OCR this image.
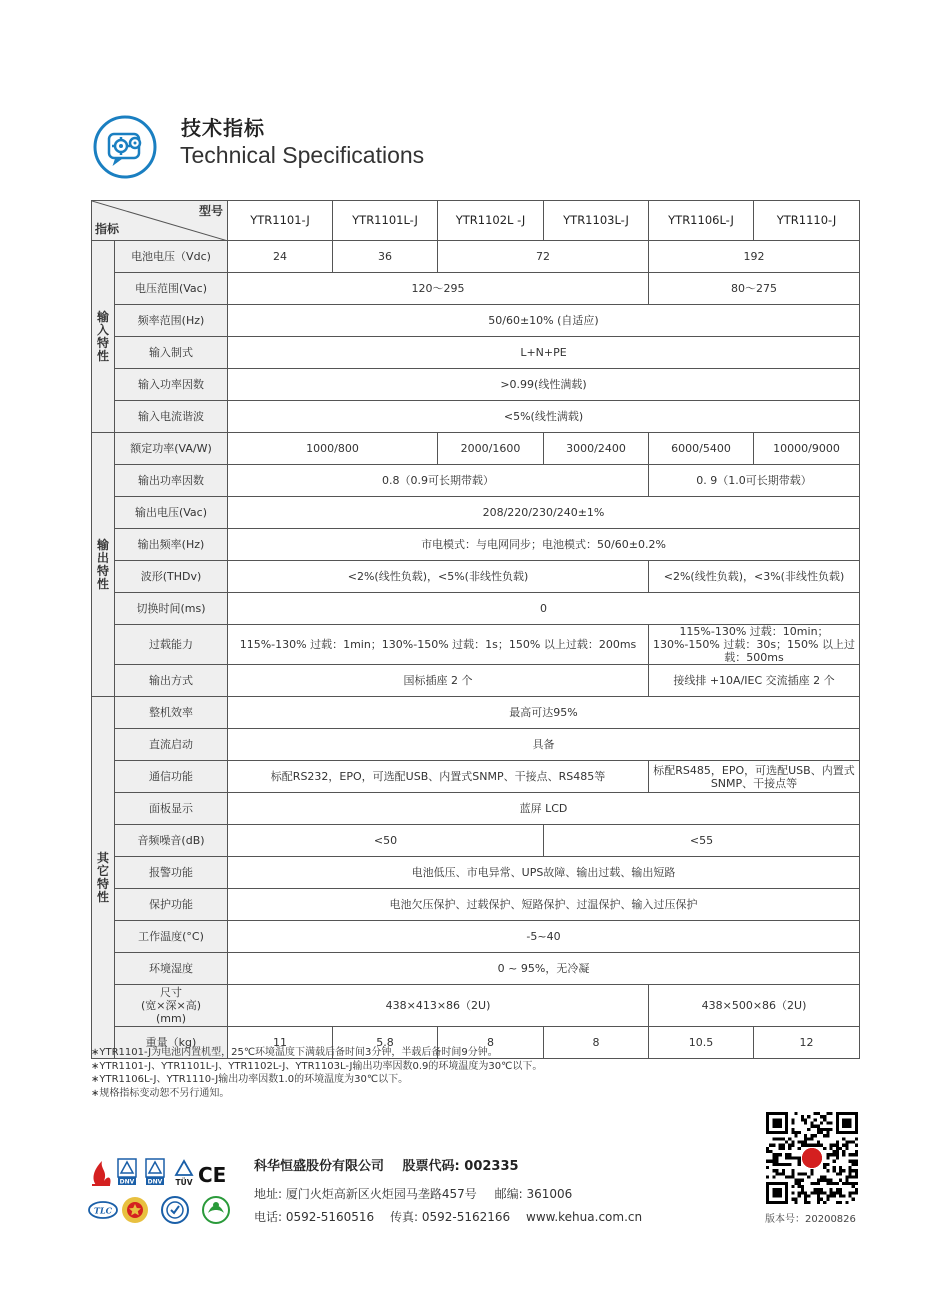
技术指标
Technical Specifications
型号
指标		YTR1101-J	YTR1101L-J	YTR1102L -J	YTR1103L-J	YTR1106L-J	YTR1110-J
输
入
特
性	电池电压（Vdc)	24	36	72		192	
	电压范围(Vac)	120～295				80～275	
	频率范围(Hz)	50/60±10% (自适应)					
	输入制式	L+N+PE					
	输入功率因数	>0.99(线性满载)					
	输入电流谐波	<5%(线性满载)					
输
出
特
性	额定功率(VA/W)	1000/800		2000/1600	3000/2400	6000/5400	10000/9000
	输出功率因数	0.8（0.9可长期带载）				0. 9（1.0可长期带载）	
	输出电压(Vac)	208/220/230/240±1%					
	输出频率(Hz)	市电模式：与电网同步；电池模式：50/60±0.2%					
	波形(THDv)	<2%(线性负载)，<5%(非线性负载)				<2%(线性负载)，<3%(非线性负载)	
	切换时间(ms)	0					
	过载能力	115%-130% 过载：1min；130%-150% 过载：1s；150% 以上过载：200ms				115%-130% 过载：10min；130%-150% 过载：30s；150% 以上过载：500ms	
	输出方式	国标插座 2 个				接线排 +10A/IEC 交流插座 2 个	
其
它
特
性	整机效率	最高可达95%					
	直流启动	具备					
	通信功能	标配RS232，EPO，可选配USB、内置式SNMP、干接点、RS485等				标配RS485，EPO，可选配USB、内置式SNMP、干接点等	
	面板显示	蓝屏 LCD					
	音频噪音(dB)	<50			<55		
	报警功能	电池低压、市电异常、UPS故障、输出过载、输出短路					
	保护功能	电池欠压保护、过载保护、短路保护、过温保护、输入过压保护					
	工作温度(°C)	-5~40					
	环境湿度	0 ~ 95%，无冷凝					
	尺寸
(宽×深×高)
(mm)	438×413×86（2U)				438×500×86（2U)	
	重量（kg)	11	5.8	8	8	10.5	12
∗YTR1101-J为电池内置机型，25℃环境温度下满载后备时间3分钟，半载后备时间9分钟。
∗YTR1101-J、YTR1101L-J、YTR1102L-J、YTR1103L-J输出功率因数0.9的环境温度为30℃以下。
∗YTR1106L-J、YTR1110-J输出功率因数1.0的环境温度为30℃以下。
∗规格指标变动恕不另行通知。
DNV DNV TÜV CE
TLC
科华恒盛股份有限公司 股票代码: 002335
地址: 厦门火炬高新区火炬园马垄路457号 邮编: 361006
电话: 0592-5160516 传真: 0592-5162166 www.kehua.com.cn	版本号：20200826
